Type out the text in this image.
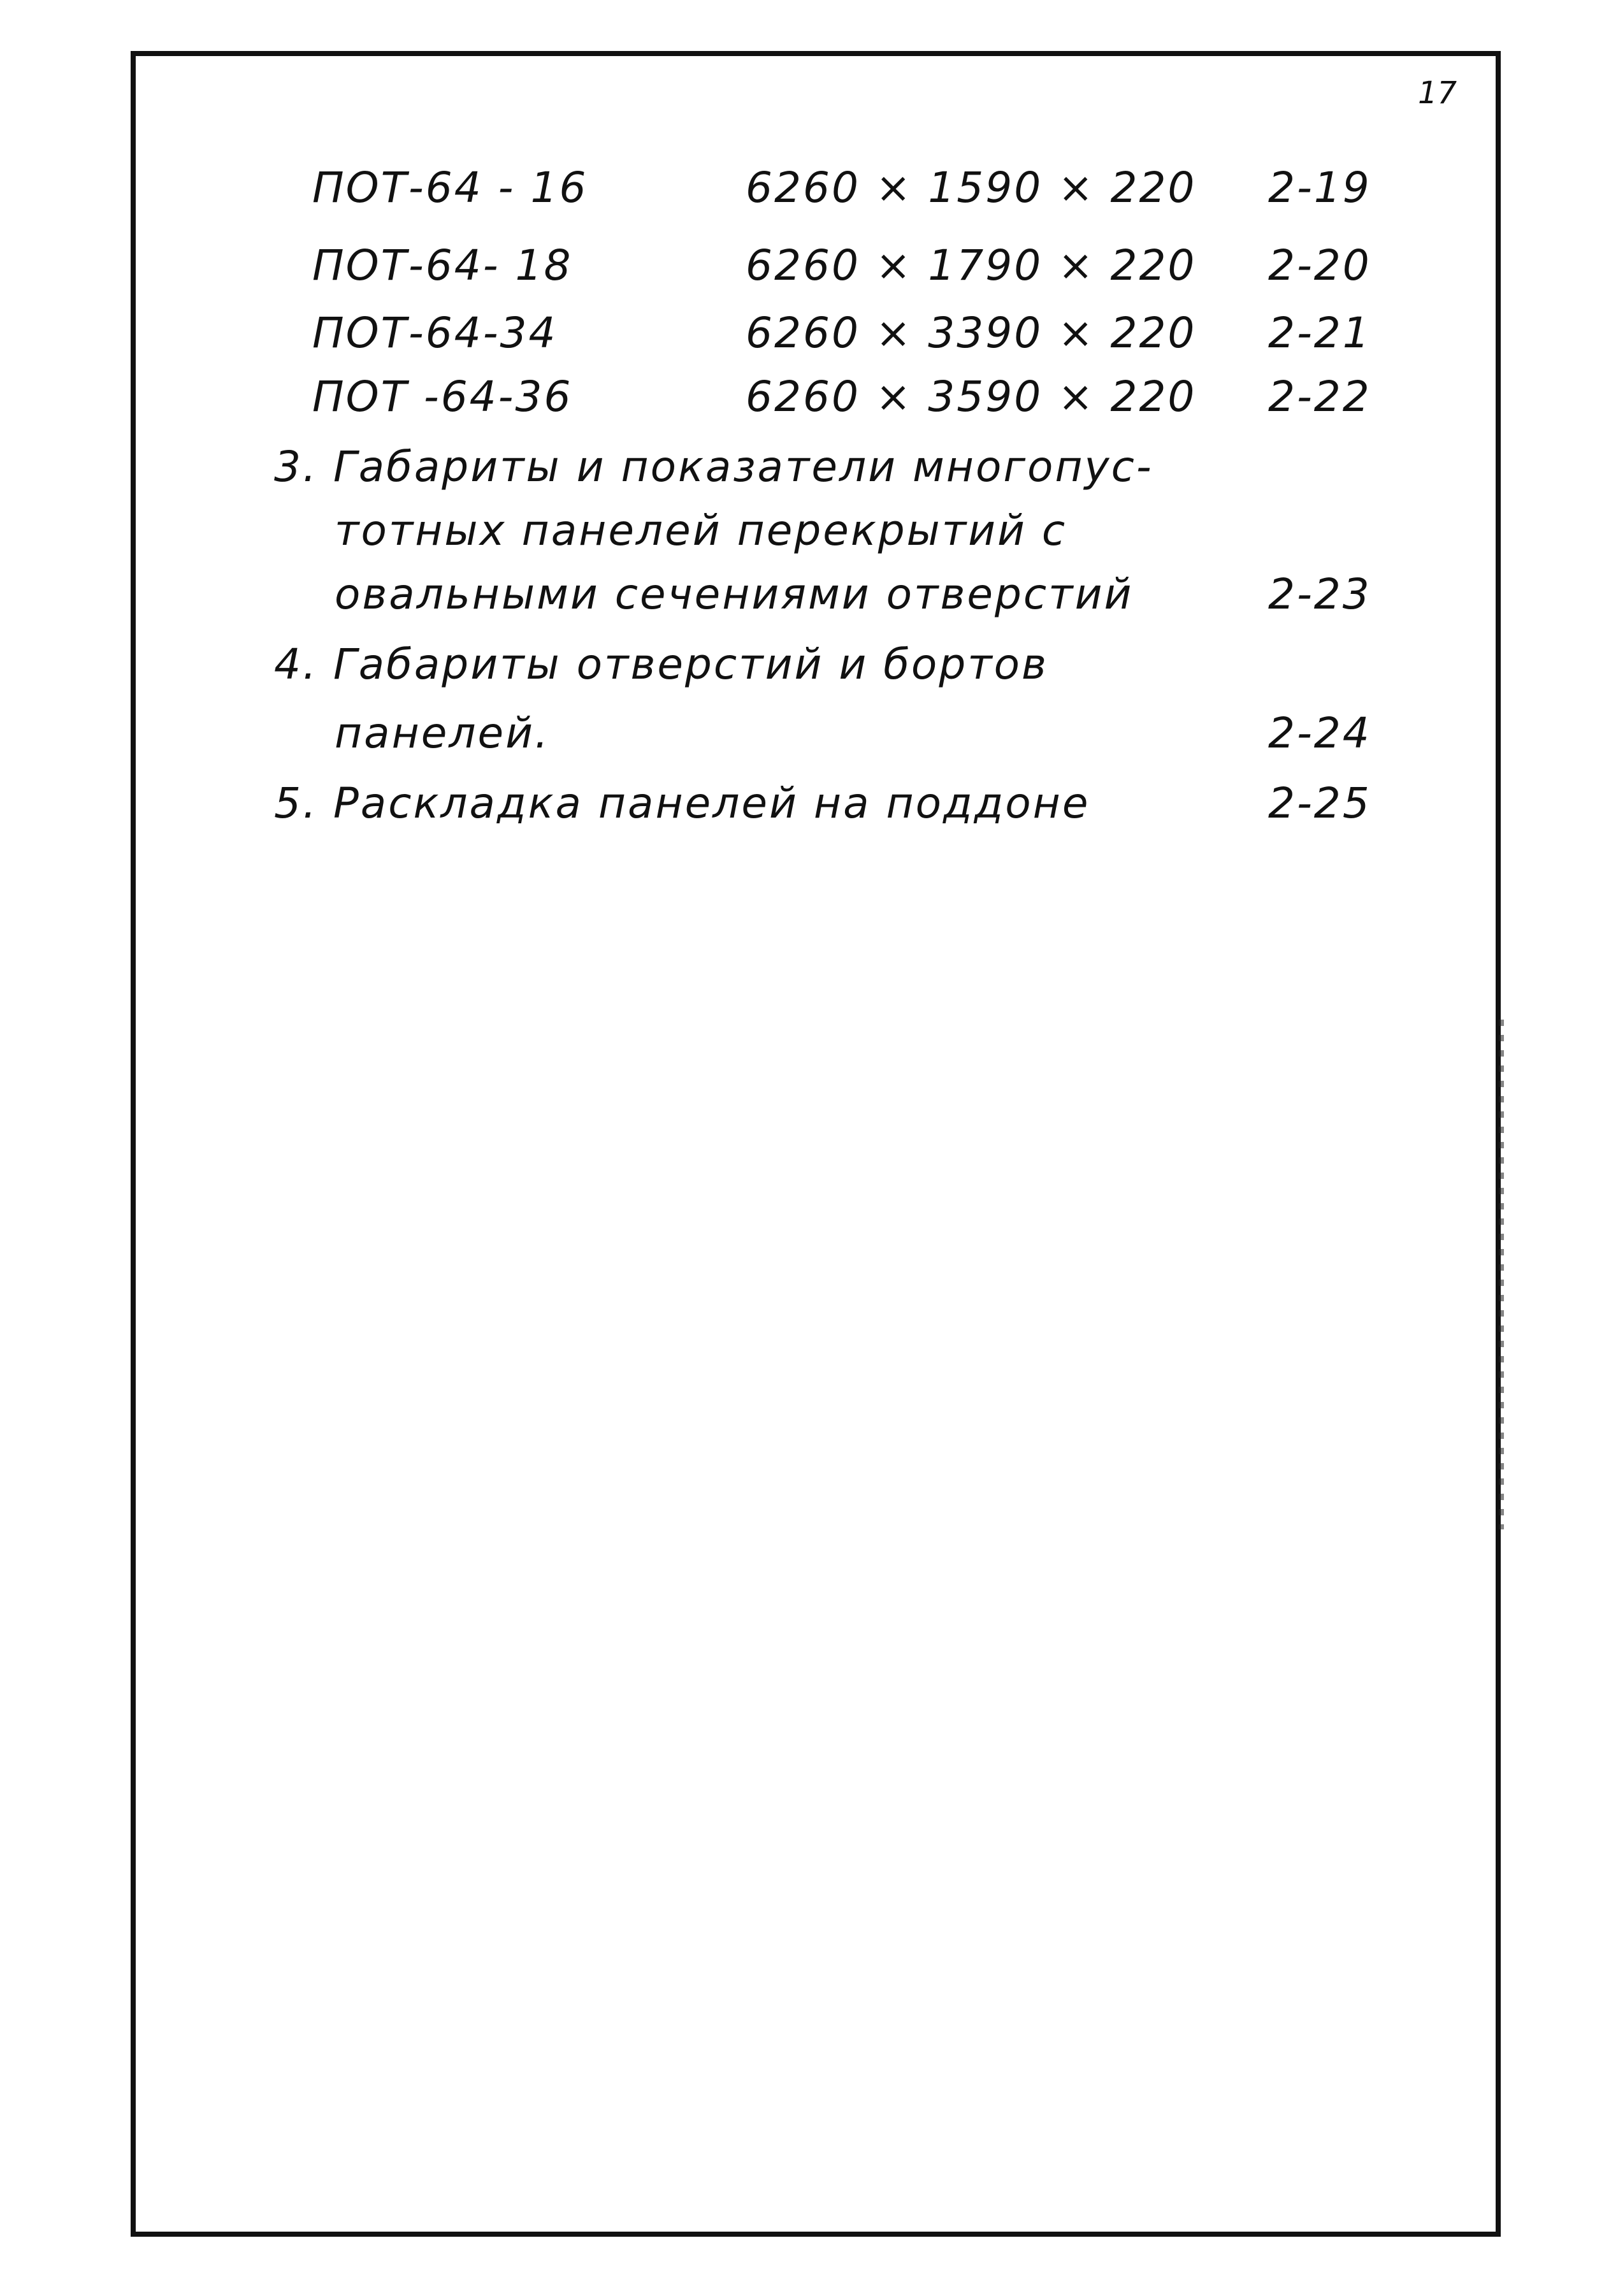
17
ПОТ-64 - 16	6260 × 1590 × 220 2-19
ПОТ-64- 18	6260 × 1790 × 220 2-20
ПОТ-64-34	6260 × 3390 × 220 2-21
ПОТ -64-36	6260 × 3590 × 220 2-22
3. Габариты и показатели многопус-
тотных панелей перекрытий с
овальными сечениями отверстий	2-23
4. Габариты отверстий и бортов
панелей.	2-24
5. Раскладка панелей на поддоне	2-25
